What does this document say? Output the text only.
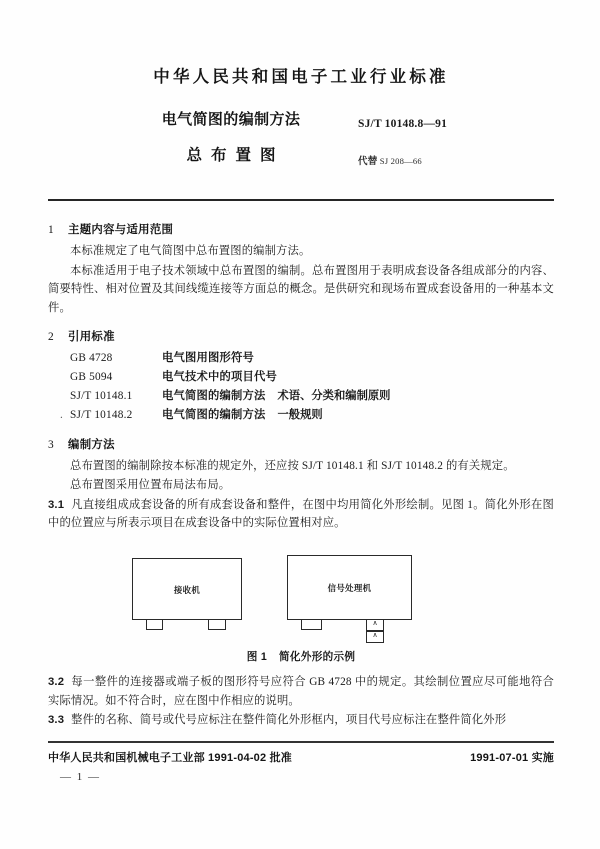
中华人民共和国电子工业行业标准
电气简图的编制方法
总布置图
SJ/T 10148.8—91
代替 SJ 208—66
1 主题内容与适用范围

本标准规定了电气简图中总布置图的编制方法。

本标准适用于电子技术领域中总布置图的编制。总布置图用于表明成套设备各组成部分的内容、简要特性、相对位置及其间线缆连接等方面总的概念。是供研究和现场布置成套设备用的一种基本文件。

2 引用标准
GB 4728	电气图用图形符号
GB 5094	电气技术中的项目代号
SJ/T 10148.1	电气简图的编制方法 术语、分类和编制原则
. SJ/T 10148.2	电气简图的编制方法 一般规则
3 编制方法

总布置图的编制除按本标准的规定外，还应按 SJ/T 10148.1 和 SJ/T 10148.2 的有关规定。

总布置图采用位置布局法布局。

3.1 凡直接组成成套设备的所有成套设备和整件，在图中均用简化外形绘制。见图 1。简化外形在图中的位置应与所表示项目在成套设备中的实际位置相对应。

接收机	信号处理机
∧
∧
图 1 简化外形的示例

3.2 每一整件的连接器或端子板的图形符号应符合 GB 4728 中的规定。其绘制位置应尽可能地符合实际情况。如不符合时，应在图中作相应的说明。

3.3 整件的名称、简号或代号应标注在整件简化外形框内，项目代号应标注在整件简化外形

中华人民共和国机械电子工业部 1991-04-02 批准	1991-07-01 实施
— 1 —
